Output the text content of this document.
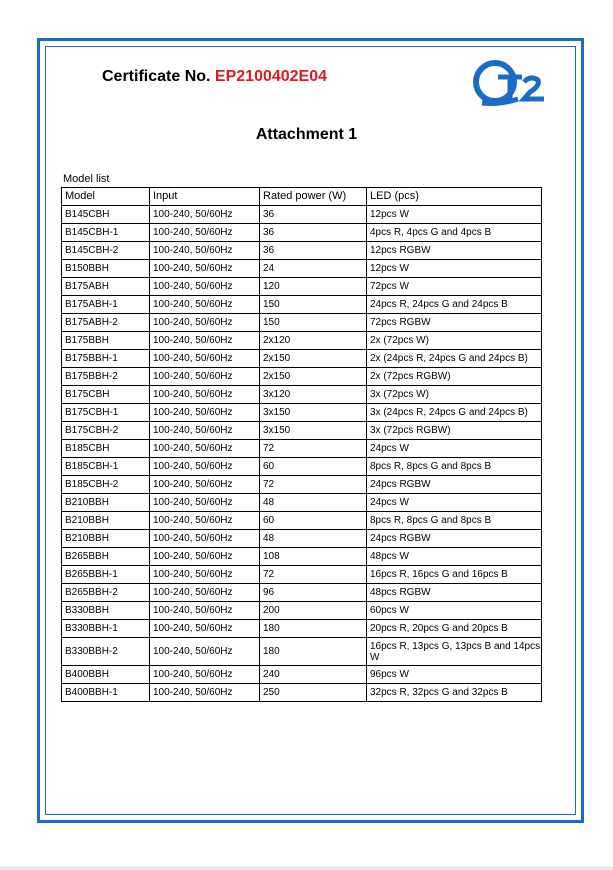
Certificate No. EP2100402E04
Attachment 1
Model list
Model	Input	Rated power (W)	LED (pcs)
B145CBH	100-240, 50/60Hz	36	12pcs W
B145CBH-1	100-240, 50/60Hz	36	4pcs R, 4pcs G and 4pcs B
B145CBH-2	100-240, 50/60Hz	36	12pcs RGBW
B150BBH	100-240, 50/60Hz	24	12pcs W
B175ABH	100-240, 50/60Hz	120	72pcs W
B175ABH-1	100-240, 50/60Hz	150	24pcs R, 24pcs G and 24pcs B
B175ABH-2	100-240, 50/60Hz	150	72pcs RGBW
B175BBH	100-240, 50/60Hz	2x120	2x (72pcs W)
B175BBH-1	100-240, 50/60Hz	2x150	2x (24pcs R, 24pcs G and 24pcs B)
B175BBH-2	100-240, 50/60Hz	2x150	2x (72pcs RGBW)
B175CBH	100-240, 50/60Hz	3x120	3x (72pcs W)
B175CBH-1	100-240, 50/60Hz	3x150	3x (24pcs R, 24pcs G and 24pcs B)
B175CBH-2	100-240, 50/60Hz	3x150	3x (72pcs RGBW)
B185CBH	100-240, 50/60Hz	72	24pcs W
B185CBH-1	100-240, 50/60Hz	60	8pcs R, 8pcs G and 8pcs B
B185CBH-2	100-240, 50/60Hz	72	24pcs RGBW
B210BBH	100-240, 50/60Hz	48	24pcs W
B210BBH	100-240, 50/60Hz	60	8pcs R, 8pcs G and 8pcs B
B210BBH	100-240, 50/60Hz	48	24pcs RGBW
B265BBH	100-240, 50/60Hz	108	48pcs W
B265BBH-1	100-240, 50/60Hz	72	16pcs R, 16pcs G and 16pcs B
B265BBH-2	100-240, 50/60Hz	96	48pcs RGBW
B330BBH	100-240, 50/60Hz	200	60pcs W
B330BBH-1	100-240, 50/60Hz	180	20pcs R, 20pcs G and 20pcs B
B330BBH-2	100-240, 50/60Hz	180	16pcs R, 13pcs G, 13pcs B and 14pcs W
B400BBH	100-240, 50/60Hz	240	96pcs W
B400BBH-1	100-240, 50/60Hz	250	32pcs R, 32pcs G and 32pcs B
